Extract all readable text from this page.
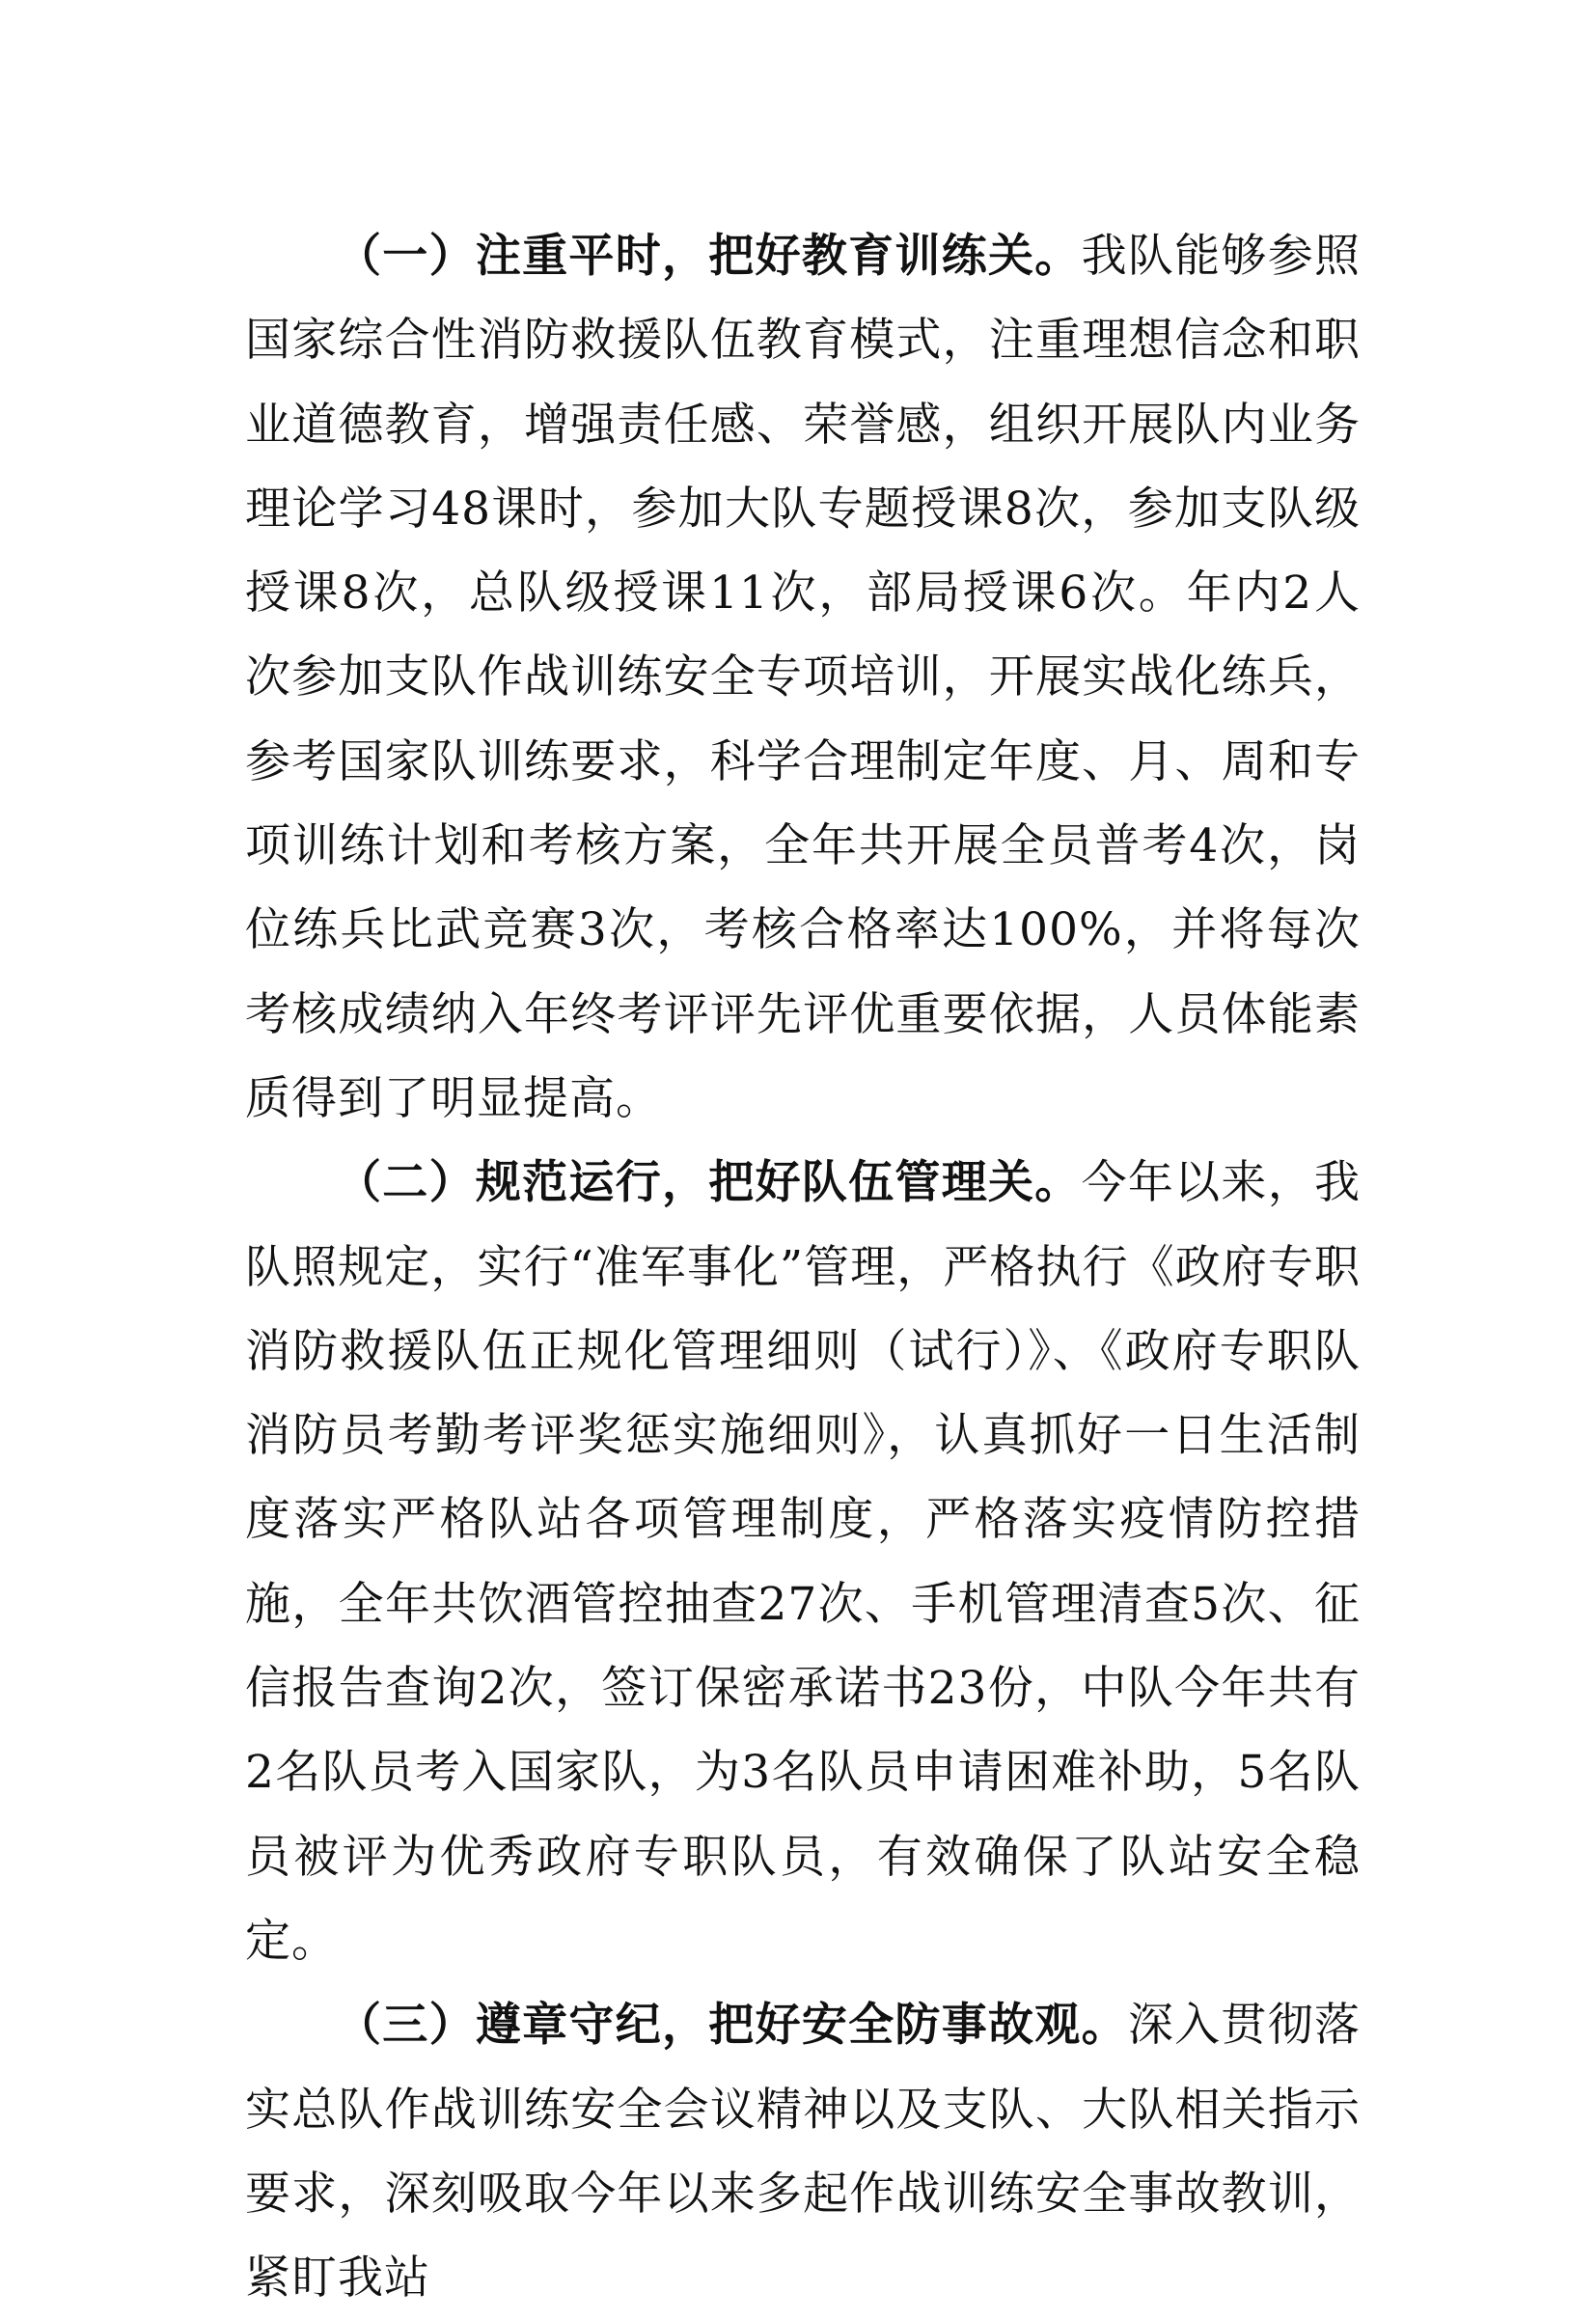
（一）注重平时，把好教育训练关。我队能够参照国家综合性消防救援队伍教育模式，注重理想信念和职业道德教育，增强责任感、荣誉感，组织开展队内业务理论学习48课时，参加大队专题授课8次，参加支队级授课8次，总队级授课11次，部局授课6次。年内2人次参加支队作战训练安全专项培训，开展实战化练兵，参考国家队训练要求，科学合理制定年度、月、周和专项训练计划和考核方案，全年共开展全员普考4次，岗位练兵比武竞赛3次，考核合格率达100%，并将每次考核成绩纳入年终考评评先评优重要依据，人员体能素质得到了明显提高。

（二）规范运行，把好队伍管理关。今年以来，我队照规定，实行“准军事化”管理，严格执行《政府专职消防救援队伍正规化管理细则（试行）》、《政府专职队消防员考勤考评奖惩实施细则》，认真抓好一日生活制度落实严格队站各项管理制度，严格落实疫情防控措施，全年共饮酒管控抽查27次、手机管理清查5次、征信报告查询2次，签订保密承诺书23份，中队今年共有2名队员考入国家队，为3名队员申请困难补助，5名队员被评为优秀政府专职队员，有效确保了队站安全稳定。

（三）遵章守纪，把好安全防事故观。深入贯彻落实总队作战训练安全会议精神以及支队、大队相关指示要求，深刻吸取今年以来多起作战训练安全事故教训，紧盯我站
